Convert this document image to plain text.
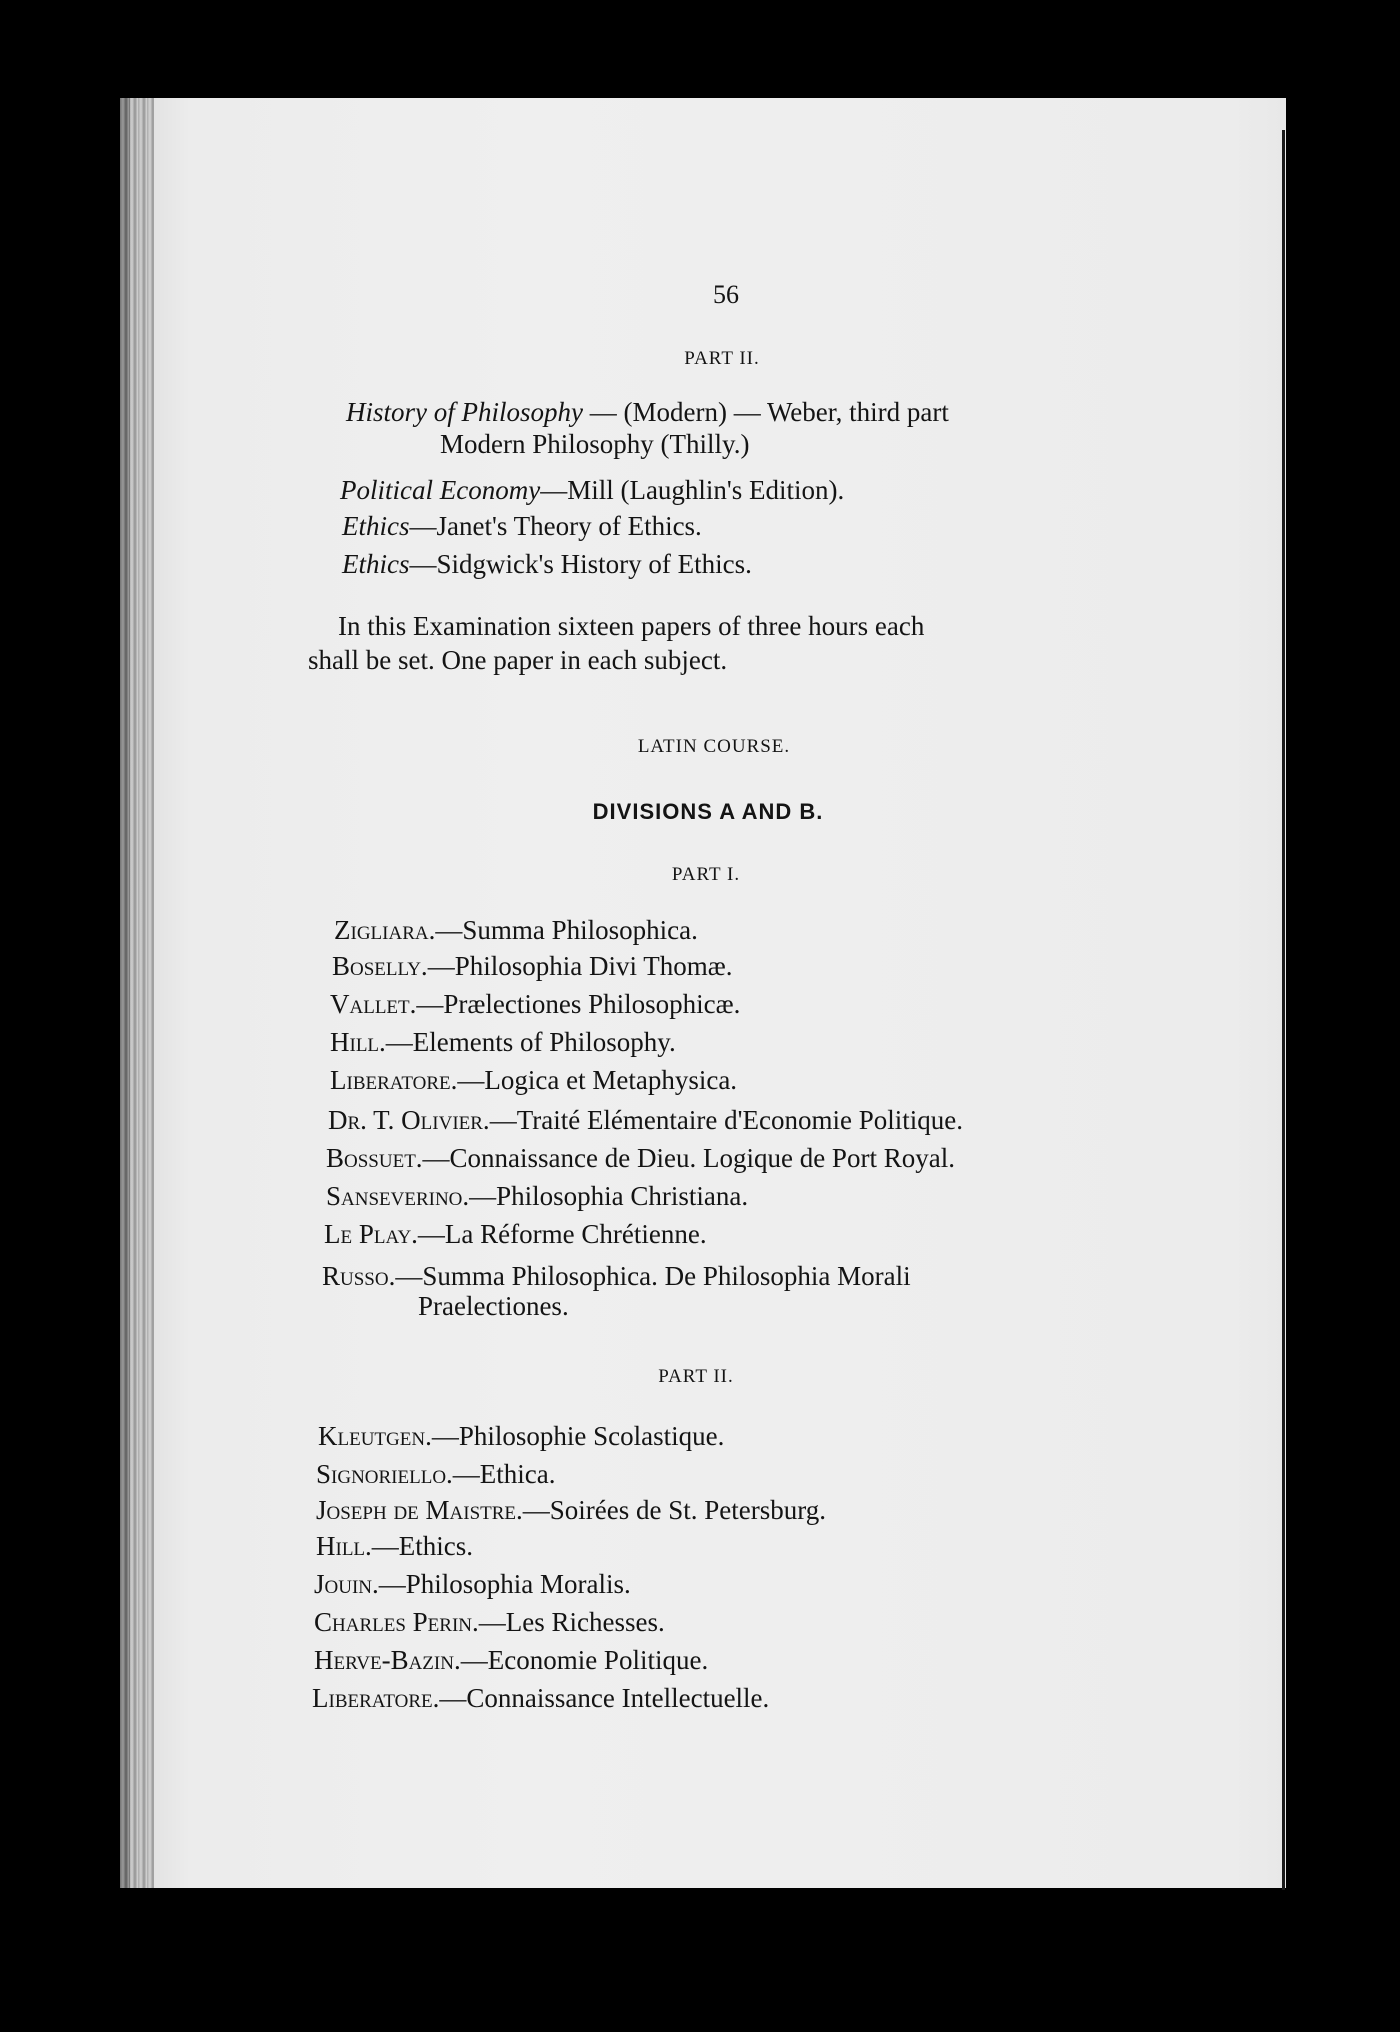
56
PART II.
History of Philosophy — (Modern) — Weber, third part
Modern Philosophy (Thilly.)
Political Economy—Mill (Laughlin's Edition).
Ethics—Janet's Theory of Ethics.
Ethics—Sidgwick's History of Ethics.
In this Examination sixteen papers of three hours each
shall be set. One paper in each subject.
LATIN COURSE.
DIVISIONS A AND B.
PART I.
Zigliara.—Summa Philosophica.
Boselly.—Philosophia Divi Thomæ.
Vallet.—Prælectiones Philosophicæ.
Hill.—Elements of Philosophy.
Liberatore.—Logica et Metaphysica.
Dr. T. Olivier.—Traité Elémentaire d'Economie Politique.
Bossuet.—Connaissance de Dieu. Logique de Port Royal.
Sanseverino.—Philosophia Christiana.
Le Play.—La Réforme Chrétienne.
Russo.—Summa Philosophica. De Philosophia Morali
Praelectiones.
PART II.
Kleutgen.—Philosophie Scolastique.
Signoriello.—Ethica.
Joseph de Maistre.—Soirées de St. Petersburg.
Hill.—Ethics.
Jouin.—Philosophia Moralis.
Charles Perin.—Les Richesses.
Herve-Bazin.—Economie Politique.
Liberatore.—Connaissance Intellectuelle.
